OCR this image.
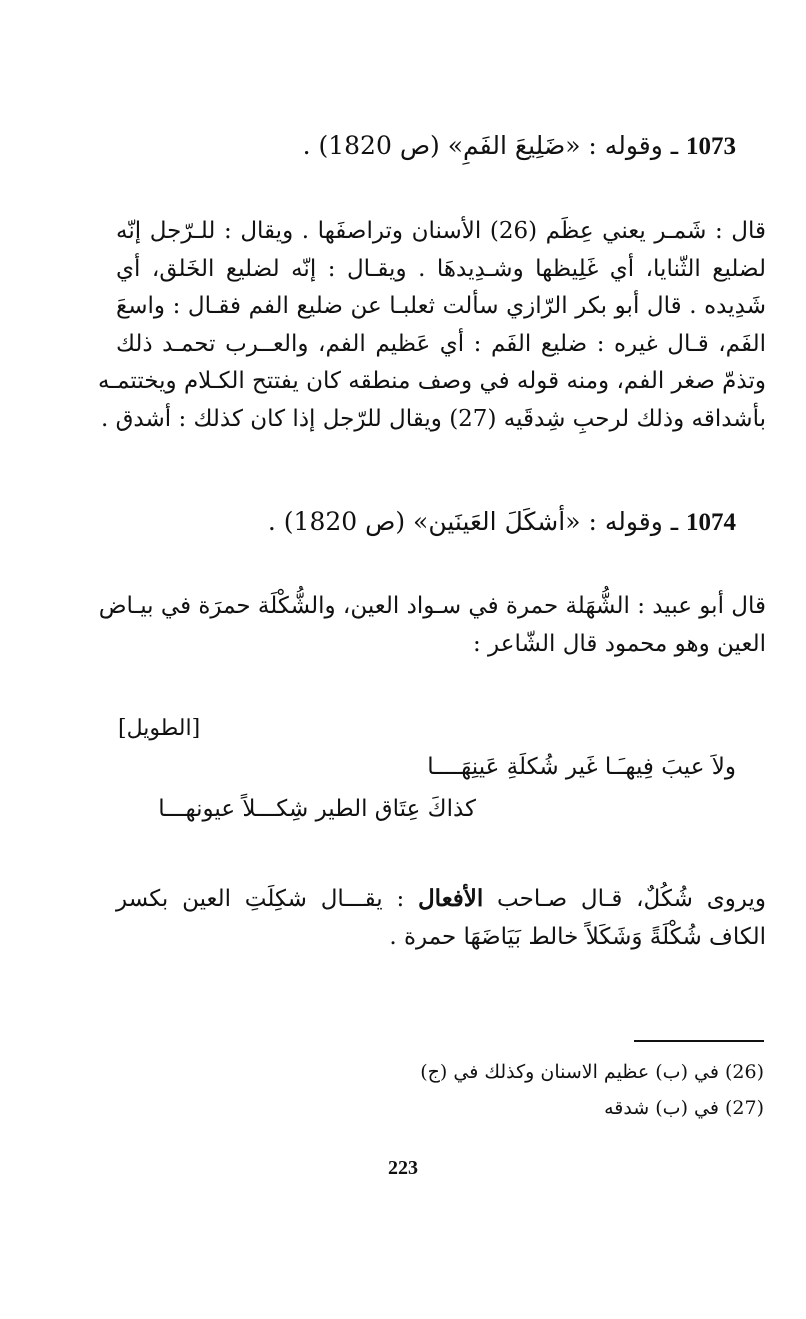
1073 ـ وقوله : «ضَلِيعَ الفَمِ» (ص 1820) .
قال : شَمـر يعني عِظَم (26) الأسنان وتراصفَها . ويقال : للـرّجل إنّه
لضليع الثّنايا، أي غَلِيظها وشـدِيدهَا . ويقـال : إنّه لضليع الخَلق، أي
شَدِيده . قال أبو بكر الرّازي سألت ثعلبـا عن ضليع الفم فقـال : واسعَ
الفَم، قـال غيره : ضليع الفَم : أي عَظيم الفم، والعــرب تحمـد ذلك
وتذمّ صغر الفم، ومنه قوله في وصف منطقه كان يفتتح الكـلام ويختتمـه
بأشداقه وذلك لرحبِ شِدقَيه (27) ويقال للرّجل إذا كان كذلك : أشدق .
1074 ـ وقوله : «أشكَلَ العَينَين» (ص 1820) .
قال أبو عبيد : الشُّهَلة حمرة في سـواد العين، والشُّكْلَة حمرَة في بيـاض
العين وهو محمود قال الشّاعر :
[الطويل]
ولاَ عيبَ فِيهـَـا غَير شُكلَةِ عَينِهَــــا
كذاكَ عِتَاق الطير شِكـــلاً عيونهـــا
ويروى شُكُلٌ، قـال صـاحب الأفعال : يقـــال شكِلَتِ العين بكسر
الكاف شُكْلَةً وَشَكَلاً خالط بَيَاضَهَا حمرة .
(26) في (ب) عظيم الاسنان وكذلك في (ج)
(27) في (ب) شدقه
223
